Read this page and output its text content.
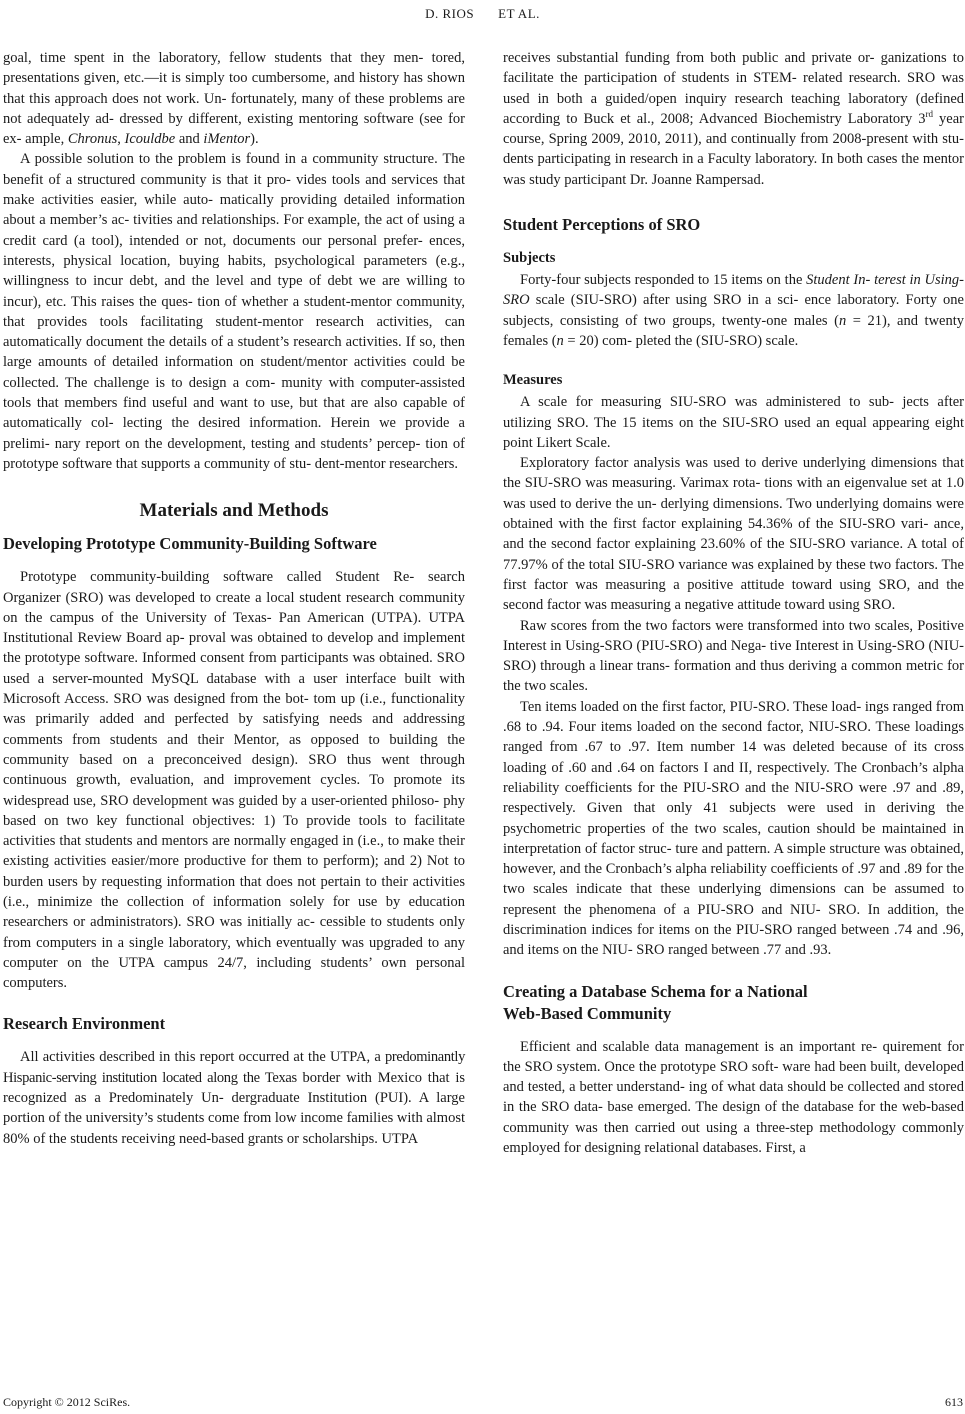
D. RIOS ET AL.

goal, time spent in the laboratory, fellow students that they men- tored, presentations given, etc.—it is simply too cumbersome, and history has shown that this approach does not work. Un- fortunately, many of these problems are not adequately ad- dressed by different, existing mentoring software (see for ex- ample, Chronus, Icouldbe and iMentor).

A possible solution to the problem is found in a community structure. The benefit of a structured community is that it pro- vides tools and services that make activities easier, while auto- matically providing detailed information about a member’s ac- tivities and relationships. For example, the act of using a credit card (a tool), intended or not, documents our personal prefer- ences, interests, physical location, buying habits, psychological parameters (e.g., willingness to incur debt, and the level and type of debt we are willing to incur), etc. This raises the ques- tion of whether a student-mentor community, that provides tools facilitating student-mentor research activities, can automatically document the details of a student’s research activities. If so, then large amounts of detailed information on student/mentor activities could be collected. The challenge is to design a com- munity with computer-assisted tools that members find useful and want to use, but that are also capable of automatically col- lecting the desired information. Herein we provide a prelimi- nary report on the development, testing and students’ percep- tion of prototype software that supports a community of stu- dent-mentor researchers.

Materials and Methods
Developing Prototype Community-Building Software

Prototype community-building software called Student Re- search Organizer (SRO) was developed to create a local student research community on the campus of the University of Texas- Pan American (UTPA). UTPA Institutional Review Board ap- proval was obtained to develop and implement the prototype software. Informed consent from participants was obtained. SRO used a server-mounted MySQL database with a user interface built with Microsoft Access. SRO was designed from the bot- tom up (i.e., functionality was primarily added and perfected by satisfying needs and addressing comments from students and their Mentor, as opposed to building the community based on a preconceived design). SRO thus went through continuous growth, evaluation, and improvement cycles. To promote its widespread use, SRO development was guided by a user-oriented philoso- phy based on two key functional objectives: 1) To provide tools to facilitate activities that students and mentors are normally engaged in (i.e., to make their existing activities easier/more productive for them to perform); and 2) Not to burden users by requesting information that does not pertain to their activities (i.e., minimize the collection of information solely for use by education researchers or administrators). SRO was initially ac- cessible to students only from computers in a single laboratory, which eventually was upgraded to any computer on the UTPA campus 24/7, including students’ own personal computers.

Research Environment

All activities described in this report occurred at the UTPA, a predominantly Hispanic-serving institution located along the Texas border with Mexico that is recognized as a Predominately Un- dergraduate Institution (PUI). A large portion of the university’s students come from low income families with almost 80% of the students receiving need-based grants or scholarships. UTPA

receives substantial funding from both public and private or- ganizations to facilitate the participation of students in STEM- related research. SRO was used in both a guided/open inquiry research teaching laboratory (defined according to Buck et al., 2008; Advanced Biochemistry Laboratory 3rd year course, Spring 2009, 2010, 2011), and continually from 2008-present with stu- dents participating in research in a Faculty laboratory. In both cases the mentor was study participant Dr. Joanne Rampersad.

Student Perceptions of SRO
Subjects

Forty-four subjects responded to 15 items on the Student In- terest in Using-SRO scale (SIU-SRO) after using SRO in a sci- ence laboratory. Forty one subjects, consisting of two groups, twenty-one males (n = 21), and twenty females (n = 20) com- pleted the (SIU-SRO) scale.

Measures

A scale for measuring SIU-SRO was administered to sub- jects after utilizing SRO. The 15 items on the SIU-SRO used an equal appearing eight point Likert Scale.

Exploratory factor analysis was used to derive underlying dimensions that the SIU-SRO was measuring. Varimax rota- tions with an eigenvalue set at 1.0 was used to derive the un- derlying dimensions. Two underlying domains were obtained with the first factor explaining 54.36% of the SIU-SRO vari- ance, and the second factor explaining 23.60% of the SIU-SRO variance. A total of 77.97% of the total SIU-SRO variance was explained by these two factors. The first factor was measuring a positive attitude toward using SRO, and the second factor was measuring a negative attitude toward using SRO.

Raw scores from the two factors were transformed into two scales, Positive Interest in Using-SRO (PIU-SRO) and Nega- tive Interest in Using-SRO (NIU-SRO) through a linear trans- formation and thus deriving a common metric for the two scales.

Ten items loaded on the first factor, PIU-SRO. These load- ings ranged from .68 to .94. Four items loaded on the second factor, NIU-SRO. These loadings ranged from .67 to .97. Item number 14 was deleted because of its cross loading of .60 and .64 on factors I and II, respectively. The Cronbach’s alpha reliability coefficients for the PIU-SRO and the NIU-SRO were .97 and .89, respectively. Given that only 41 subjects were used in deriving the psychometric properties of the two scales, caution should be maintained in interpretation of factor struc- ture and pattern. A simple structure was obtained, however, and the Cronbach’s alpha reliability coefficients of .97 and .89 for the two scales indicate that these underlying dimensions can be assumed to represent the phenomena of a PIU-SRO and NIU- SRO. In addition, the discrimination indices for items on the PIU-SRO ranged between .74 and .96, and items on the NIU- SRO ranged between .77 and .93.

Creating a Database Schema for a National
Web-Based Community

Efficient and scalable data management is an important re- quirement for the SRO system. Once the prototype SRO soft- ware had been built, developed and tested, a better understand- ing of what data should be collected and stored in the SRO data- base emerged. The design of the database for the web-based community was then carried out using a three-step methodology commonly employed for designing relational databases. First, a

Copyright © 2012 SciRes.	613
